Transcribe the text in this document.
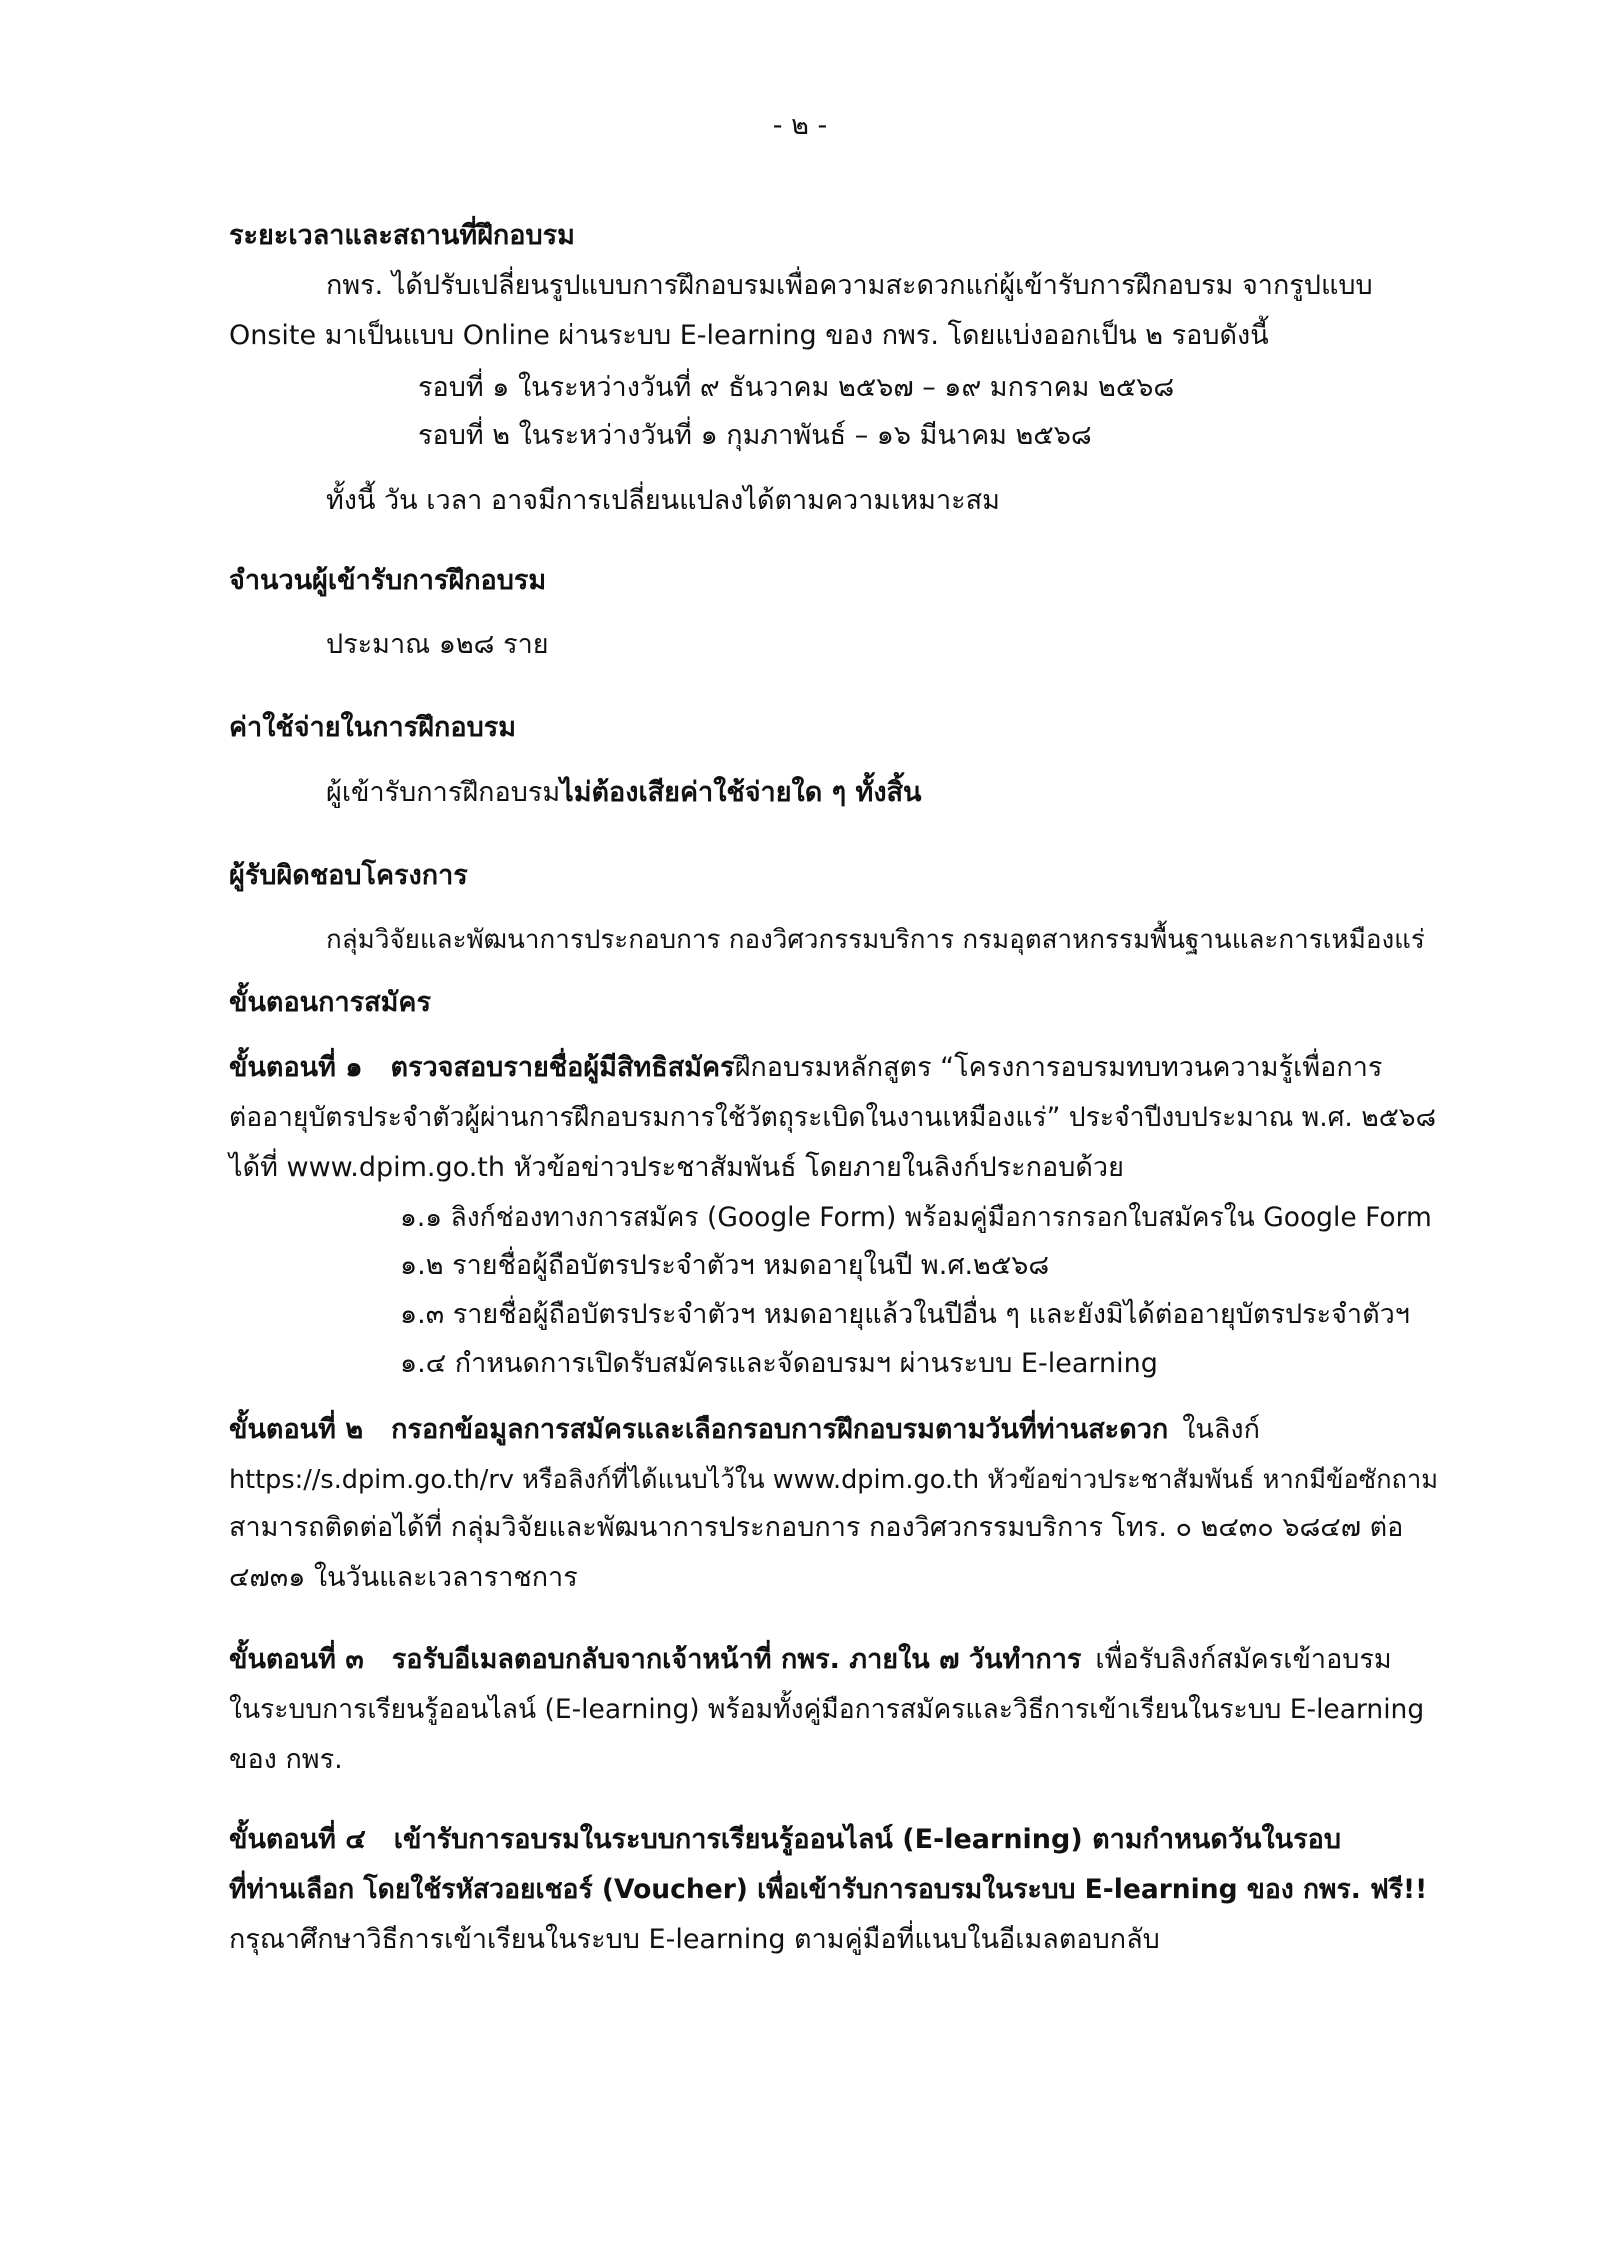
- ๒ -
ระยะเวลาและสถานที่ฝึกอบรม
กพร. ได้ปรับเปลี่ยนรูปแบบการฝึกอบรมเพื่อความสะดวกแก่ผู้เข้ารับการฝึกอบรม จากรูปแบบ
Onsite มาเป็นแบบ Online ผ่านระบบ E-learning ของ กพร. โดยแบ่งออกเป็น ๒ รอบดังนี้
รอบที่ ๑ ในระหว่างวันที่ ๙ ธันวาคม ๒๕๖๗ – ๑๙ มกราคม ๒๕๖๘
รอบที่ ๒ ในระหว่างวันที่ ๑ กุมภาพันธ์ – ๑๖ มีนาคม ๒๕๖๘
ทั้งนี้ วัน เวลา อาจมีการเปลี่ยนแปลงได้ตามความเหมาะสม
จำนวนผู้เข้ารับการฝึกอบรม
ประมาณ ๑๒๘ ราย
ค่าใช้จ่ายในการฝึกอบรม
ผู้เข้ารับการฝึกอบรมไม่ต้องเสียค่าใช้จ่ายใด ๆ ทั้งสิ้น
ผู้รับผิดชอบโครงการ
กลุ่มวิจัยและพัฒนาการประกอบการ กองวิศวกรรมบริการ กรมอุตสาหกรรมพื้นฐานและการเหมืองแร่
ขั้นตอนการสมัคร
ขั้นตอนที่ ๑ ตรวจสอบรายชื่อผู้มีสิทธิสมัครฝึกอบรมหลักสูตร “โครงการอบรมทบทวนความรู้เพื่อการ
ต่ออายุบัตรประจำตัวผู้ผ่านการฝึกอบรมการใช้วัตถุระเบิดในงานเหมืองแร่” ประจำปีงบประมาณ พ.ศ. ๒๕๖๘
ได้ที่ www.dpim.go.th หัวข้อข่าวประชาสัมพันธ์ โดยภายในลิงก์ประกอบด้วย
๑.๑ ลิงก์ช่องทางการสมัคร (Google Form) พร้อมคู่มือการกรอกใบสมัครใน Google Form
๑.๒ รายชื่อผู้ถือบัตรประจำตัวฯ หมดอายุในปี พ.ศ.๒๕๖๘
๑.๓ รายชื่อผู้ถือบัตรประจำตัวฯ หมดอายุแล้วในปีอื่น ๆ และยังมิได้ต่ออายุบัตรประจำตัวฯ
๑.๔ กำหนดการเปิดรับสมัครและจัดอบรมฯ ผ่านระบบ E-learning
ขั้นตอนที่ ๒ กรอกข้อมูลการสมัครและเลือกรอบการฝึกอบรมตามวันที่ท่านสะดวก ในลิงก์
https://s.dpim.go.th/rv หรือลิงก์ที่ได้แนบไว้ใน www.dpim.go.th หัวข้อข่าวประชาสัมพันธ์ หากมีข้อซักถาม
สามารถติดต่อได้ที่ กลุ่มวิจัยและพัฒนาการประกอบการ กองวิศวกรรมบริการ โทร. ๐ ๒๔๓๐ ๖๘๔๗ ต่อ
๔๗๓๑ ในวันและเวลาราชการ
ขั้นตอนที่ ๓ รอรับอีเมลตอบกลับจากเจ้าหน้าที่ กพร. ภายใน ๗ วันทำการ เพื่อรับลิงก์สมัครเข้าอบรม
ในระบบการเรียนรู้ออนไลน์ (E-learning) พร้อมทั้งคู่มือการสมัครและวิธีการเข้าเรียนในระบบ E-learning
ของ กพร.
ขั้นตอนที่ ๔ เข้ารับการอบรมในระบบการเรียนรู้ออนไลน์ (E-learning) ตามกำหนดวันในรอบ
ที่ท่านเลือก โดยใช้รหัสวอยเชอร์ (Voucher) เพื่อเข้ารับการอบรมในระบบ E-learning ของ กพร. ฟรี!!
กรุณาศึกษาวิธีการเข้าเรียนในระบบ E-learning ตามคู่มือที่แนบในอีเมลตอบกลับ
